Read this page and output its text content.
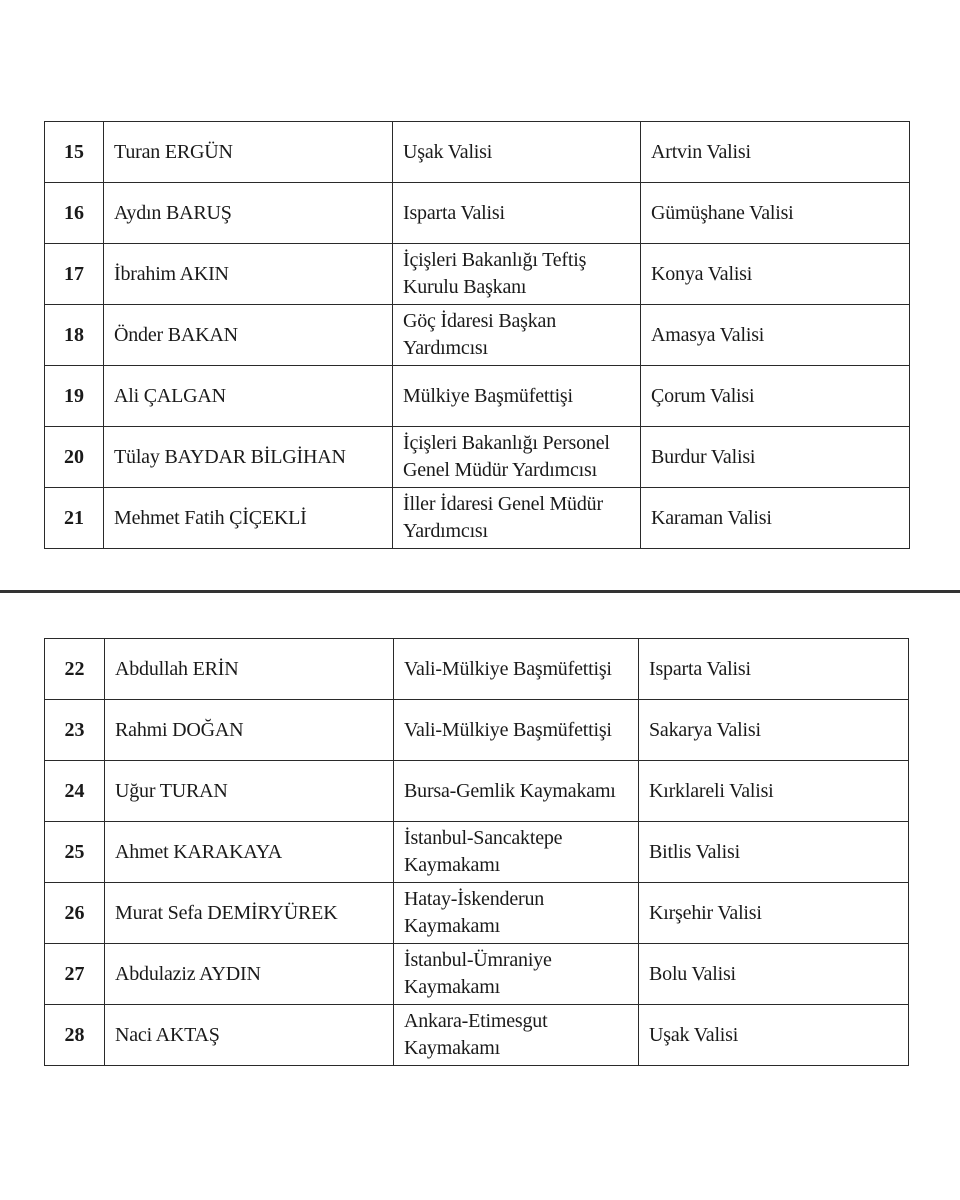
15	Turan ERGÜN	Uşak Valisi	Artvin Valisi
16	Aydın BARUŞ	Isparta Valisi	Gümüşhane Valisi
17	İbrahim AKIN	İçişleri Bakanlığı Teftiş
Kurulu Başkanı	Konya Valisi
18	Önder BAKAN	Göç İdaresi Başkan
Yardımcısı	Amasya Valisi
19	Ali ÇALGAN	Mülkiye Başmüfettişi	Çorum Valisi
20	Tülay BAYDAR BİLGİHAN	İçişleri Bakanlığı Personel
Genel Müdür Yardımcısı	Burdur Valisi
21	Mehmet Fatih ÇİÇEKLİ	İller İdaresi Genel Müdür
Yardımcısı	Karaman Valisi
22	Abdullah ERİN	Vali-Mülkiye Başmüfettişi	Isparta Valisi
23	Rahmi DOĞAN	Vali-Mülkiye Başmüfettişi	Sakarya Valisi
24	Uğur TURAN	Bursa-Gemlik Kaymakamı	Kırklareli Valisi
25	Ahmet KARAKAYA	İstanbul-Sancaktepe
Kaymakamı	Bitlis Valisi
26	Murat Sefa DEMİRYÜREK	Hatay-İskenderun
Kaymakamı	Kırşehir Valisi
27	Abdulaziz AYDIN	İstanbul-Ümraniye
Kaymakamı	Bolu Valisi
28	Naci AKTAŞ	Ankara-Etimesgut
Kaymakamı	Uşak Valisi
